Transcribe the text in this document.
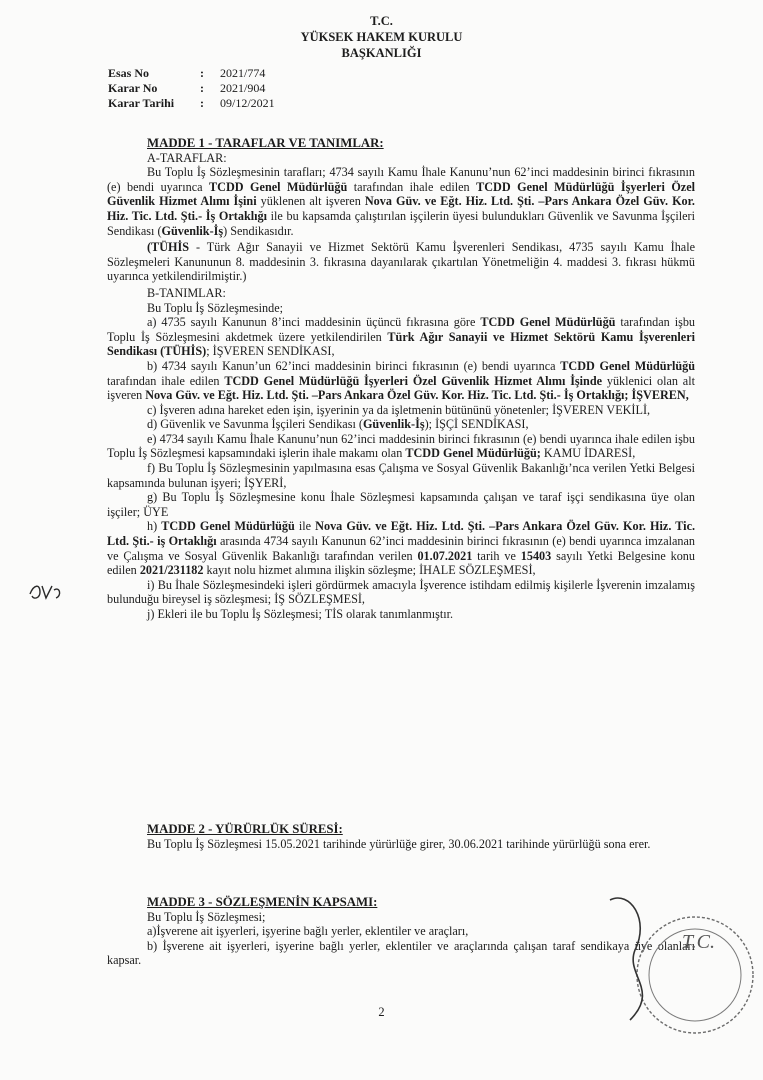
T.C.
YÜKSEK HAKEM KURULU
BAŞKANLIĞI
Esas No	: 2021/774
Karar No	: 2021/904
Karar Tarihi : 09/12/2021
MADDE 1 - TARAFLAR VE TANIMLAR:
A-TARAFLAR:

Bu Toplu İş Sözleşmesinin tarafları; 4734 sayılı Kamu İhale Kanunu’nun 62’inci maddesinin birinci fıkrasının (e) bendi uyarınca TCDD Genel Müdürlüğü tarafından ihale edilen TCDD Genel Müdürlüğü İşyerleri Özel Güvenlik Hizmet Alımı İşini yüklenen alt işveren Nova Güv. ve Eğt. Hiz. Ltd. Şti. –Pars Ankara Özel Güv. Kor. Hiz. Tic. Ltd. Şti.- İş Ortaklığı ile bu kapsamda çalıştırılan işçilerin üyesi bulundukları Güvenlik ve Savunma İşçileri Sendikası (Güvenlik-İş) Sendikasıdır.

(TÜHİS - Türk Ağır Sanayii ve Hizmet Sektörü Kamu İşverenleri Sendikası, 4735 sayılı Kamu İhale Sözleşmeleri Kanununun 8. maddesinin 3. fıkrasına dayanılarak çıkartılan Yönetmeliğin 4. maddesi 3. fıkrası hükmü uyarınca yetkilendirilmiştir.)

B-TANIMLAR:
Bu Toplu İş Sözleşmesinde;

a) 4735 sayılı Kanunun 8’inci maddesinin üçüncü fıkrasına göre TCDD Genel Müdürlüğü tarafından işbu Toplu İş Sözleşmesini akdetmek üzere yetkilendirilen Türk Ağır Sanayii ve Hizmet Sektörü Kamu İşverenleri Sendikası (TÜHİS); İŞVEREN SENDİKASI,

b) 4734 sayılı Kanun’un 62’inci maddesinin birinci fıkrasının (e) bendi uyarınca TCDD Genel Müdürlüğü tarafından ihale edilen TCDD Genel Müdürlüğü İşyerleri Özel Güvenlik Hizmet Alımı İşinde yüklenici olan alt işveren Nova Güv. ve Eğt. Hiz. Ltd. Şti. –Pars Ankara Özel Güv. Kor. Hiz. Tic. Ltd. Şti.- İş Ortaklığı; İŞVEREN,

c) İşveren adına hareket eden işin, işyerinin ya da işletmenin bütününü yönetenler; İŞVEREN VEKİLİ,

d) Güvenlik ve Savunma İşçileri Sendikası (Güvenlik-İş); İŞÇİ SENDİKASI,

e) 4734 sayılı Kamu İhale Kanunu’nun 62’inci maddesinin birinci fıkrasının (e) bendi uyarınca ihale edilen işbu Toplu İş Sözleşmesi kapsamındaki işlerin ihale makamı olan TCDD Genel Müdürlüğü; KAMU İDARESİ,

f) Bu Toplu İş Sözleşmesinin yapılmasına esas Çalışma ve Sosyal Güvenlik Bakanlığı’nca verilen Yetki Belgesi kapsamında bulunan işyeri; İŞYERİ,

g) Bu Toplu İş Sözleşmesine konu İhale Sözleşmesi kapsamında çalışan ve taraf işçi sendikasına üye olan işçiler; ÜYE

h) TCDD Genel Müdürlüğü ile Nova Güv. ve Eğt. Hiz. Ltd. Şti. –Pars Ankara Özel Güv. Kor. Hiz. Tic. Ltd. Şti.- iş Ortaklığı arasında 4734 sayılı Kanunun 62’inci maddesinin birinci fıkrasının (e) bendi uyarınca imzalanan ve Çalışma ve Sosyal Güvenlik Bakanlığı tarafından verilen 01.07.2021 tarih ve 15403 sayılı Yetki Belgesine konu edilen 2021/231182 kayıt nolu hizmet alımına ilişkin sözleşme; İHALE SÖZLEŞMESİ,

i) Bu İhale Sözleşmesindeki işleri gördürmek amacıyla İşverence istihdam edilmiş kişilerle İşverenin imzalamış bulunduğu bireysel iş sözleşmesi; İŞ SÖZLEŞMESİ,

j) Ekleri ile bu Toplu İş Sözleşmesi; TİS olarak tanımlanmıştır.

MADDE 2 - YÜRÜRLÜK SÜRESİ:

Bu Toplu İş Sözleşmesi 15.05.2021 tarihinde yürürlüğe girer, 30.06.2021 tarihinde yürürlüğü sona erer.

MADDE 3 - SÖZLEŞMENİN KAPSAMI:
Bu Toplu İş Sözleşmesi;
a)İşverene ait işyerleri, işyerine bağlı yerler, eklentiler ve araçları,

b) İşverene ait işyerleri, işyerine bağlı yerler, eklentiler ve araçlarında çalışan taraf sendikaya üye olanları kapsar.

2
T.C.
